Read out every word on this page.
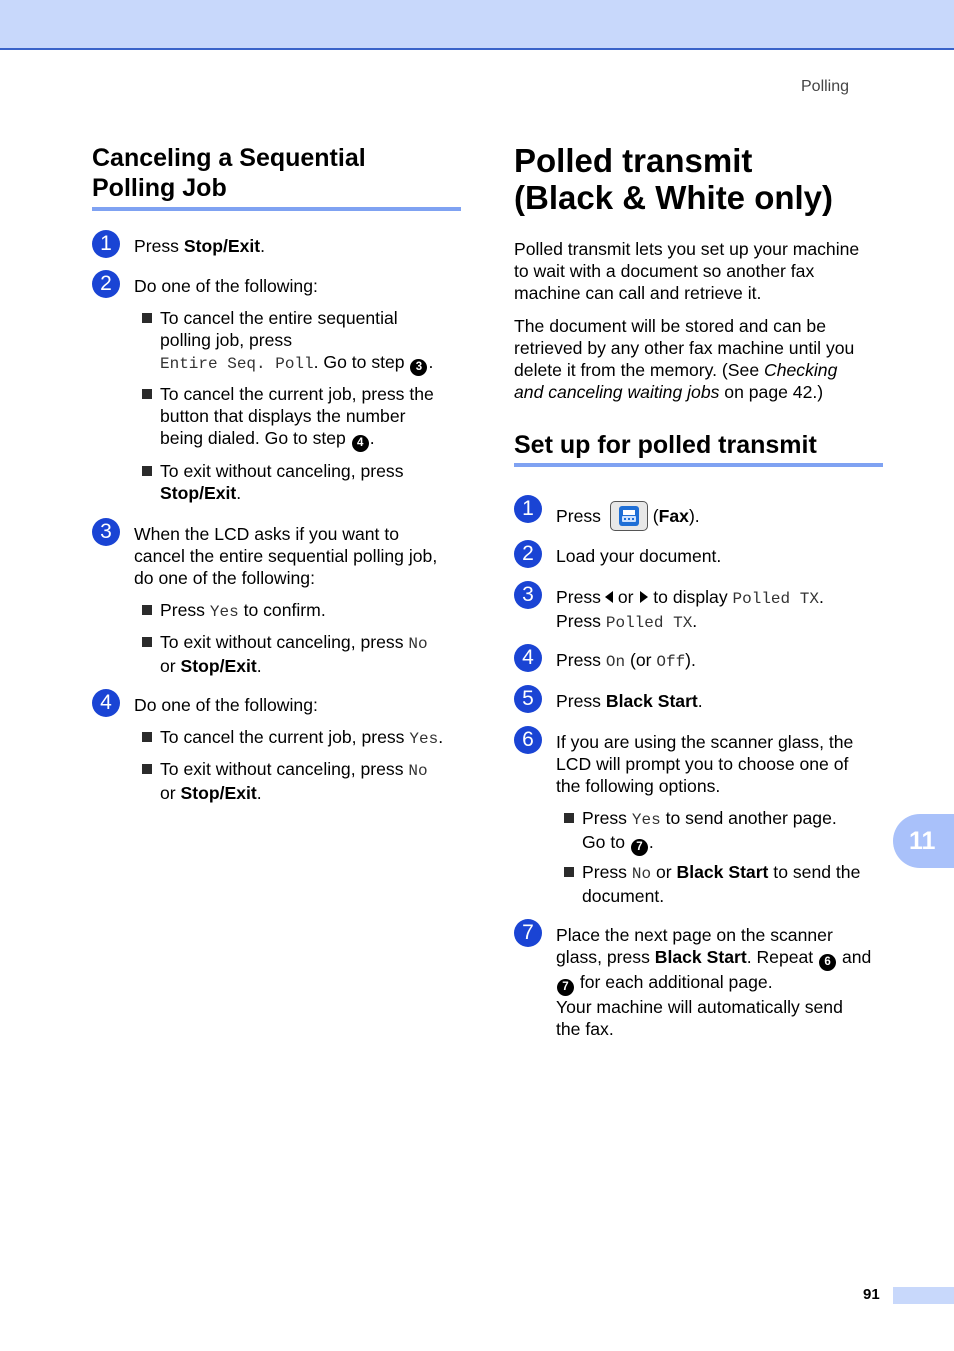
Polling
Canceling a Sequential
Polling Job
1	Press Stop/Exit.
2	Do one of the following:
To cancel the entire sequential
polling job, press
Entire Seq. Poll. Go to step 3 .
To cancel the current job, press the
button that displays the number
being dialed. Go to step 4 .
To exit without canceling, press
Stop/Exit.
3	When the LCD asks if you want to
cancel the entire sequential polling job,
do one of the following:
Press Yes to confirm.
To exit without canceling, press No
or Stop/Exit.
4	Do one of the following:
To cancel the current job, press Yes.
To exit without canceling, press No
or Stop/Exit.
Polled transmit
(Black & White only)
Polled transmit lets you set up your machine
to wait with a document so another fax
machine can call and retrieve it.
The document will be stored and can be
retrieved by any other fax machine until you
delete it from the memory. (See Checking
and canceling waiting jobs on page 42.)
Set up for polled transmit
1	Press	(Fax).
2	Load your document.
3	Press or  to display Polled TX.
Press Polled TX.
4	Press On (or Off).
5	Press Black Start.
6	If you are using the scanner glass, the
LCD will prompt you to choose one of
the following options.
Press Yes to send another page.
Go to 7 .
Press No or Black Start to send the
document.
7	Place the next page on the scanner
glass, press Black Start. Repeat 6 and
7 for each additional page.
Your machine will automatically send
the fax.
11
91
